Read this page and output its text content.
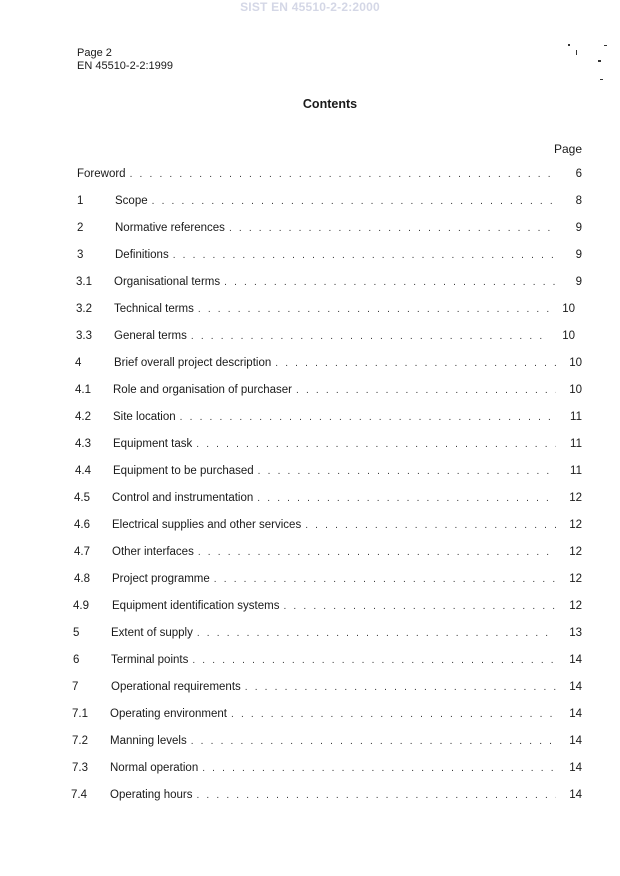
SIST EN 45510-2-2:2000
Page 2
EN 45510-2-2:1999
Contents
Page
Foreword . . .	6
1	Scope . . .	8
2	Normative references . . .	9
3	Definitions . . .	9
3.1	Organisational terms . . .	9
3.2	Technical terms . . .	10
3.3	General terms . . .	10
4	Brief overall project description . . .	10
4.1	Role and organisation of purchaser . . .	10
4.2	Site location . . .	11
4.3	Equipment task . . .	11
4.4	Equipment to be purchased . . .	11
4.5	Control and instrumentation . . .	12
4.6	Electrical supplies and other services . . .	12
4.7	Other interfaces . . .	12
4.8	Project programme . . .	12
4.9	Equipment identification systems . . .	12
5	Extent of supply . . .	13
6	Terminal points . . .	14
7	Operational requirements . . .	14
7.1	Operating environment . . .	14
7.2	Manning levels . . .	14
7.3	Normal operation . . .	14
7.4	Operating hours . . .	14
